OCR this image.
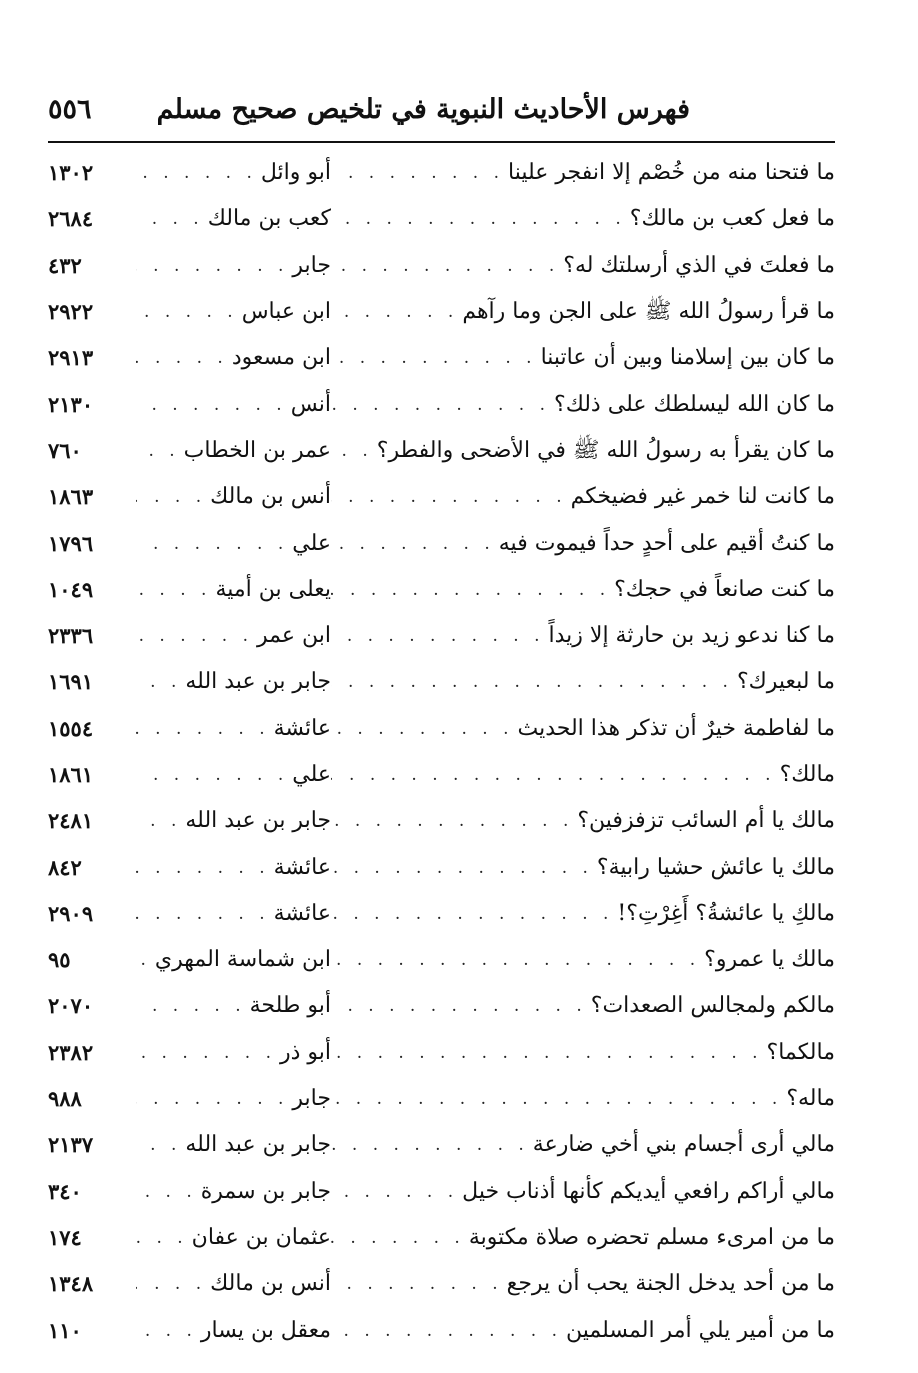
٥٥٦	فهرس الأحاديث النبوية في تلخيص صحيح مسلم
ما فتحنا منه من خُصْم إلا انفجر علينا
. . .
أبو وائل
. . .
١٣٠٢
ما فعل كعب بن مالك؟
. . .
كعب بن مالك
. . .
٢٦٨٤
ما فعلتَ في الذي أرسلتك له؟
. . .
جابر
. . .
٤٣٢
ما قرأ رسولُ الله ﷺ على الجن وما رآهم
. . .
ابن عباس
. . .
٢٩٢٢
ما كان بين إسلامنا وبين أن عاتبنا
. . .
ابن مسعود
. . .
٢٩١٣
ما كان الله ليسلطك على ذلك؟
. . .
أنس
. . .
٢١٣٠
ما كان يقرأ به رسولُ الله ﷺ في الأضحى والفطر؟
. . .
عمر بن الخطاب
. . .
٧٦٠
ما كانت لنا خمر غير فضيخكم
. . .
أنس بن مالك
. . .
١٨٦٣
ما كنتُ أقيم على أحدٍ حداً فيموت فيه
. . .
علي
. . .
١٧٩٦
ما كنت صانعاً في حجك؟
. . .
يعلى بن أمية
. . .
١٠٤٩
ما كنا ندعو زيد بن حارثة إلا زيداً
. . .
ابن عمر
. . .
٢٣٣٦
ما لبعيرك؟
. . .
جابر بن عبد الله
. . .
١٦٩١
ما لفاطمة خيرٌ أن تذكر هذا الحديث
. . .
عائشة
. . .
١٥٥٤
مالك؟
. . .
علي
. . .
١٨٦١
مالك يا أم السائب تزفزفين؟
. . .
جابر بن عبد الله
. . .
٢٤٨١
مالك يا عائش حشيا رابية؟
. . .
عائشة
. . .
٨٤٢
مالكِ يا عائشةُ؟ أَغِرْتِ؟!
. . .
عائشة
. . .
٢٩٠٩
مالك يا عمرو؟
. . .
ابن شماسة المهري
. . .
٩٥
مالكم ولمجالس الصعدات؟
. . .
أبو طلحة
. . .
٢٠٧٠
مالكما؟
. . .
أبو ذر
. . .
٢٣٨٢
ماله؟
. . .
جابر
. . .
٩٨٨
مالي أرى أجسام بني أخي ضارعة
. . .
جابر بن عبد الله
. . .
٢١٣٧
مالي أراكم رافعي أيديكم كأنها أذناب خيل
. . .
جابر بن سمرة
. . .
٣٤٠
ما من امرىء مسلم تحضره صلاة مكتوبة
. . .
عثمان بن عفان
. . .
١٧٤
ما من أحد يدخل الجنة يحب أن يرجع
. . .
أنس بن مالك
. . .
١٣٤٨
ما من أمير يلي أمر المسلمين
. . .
معقل بن يسار
. . .
١١٠
